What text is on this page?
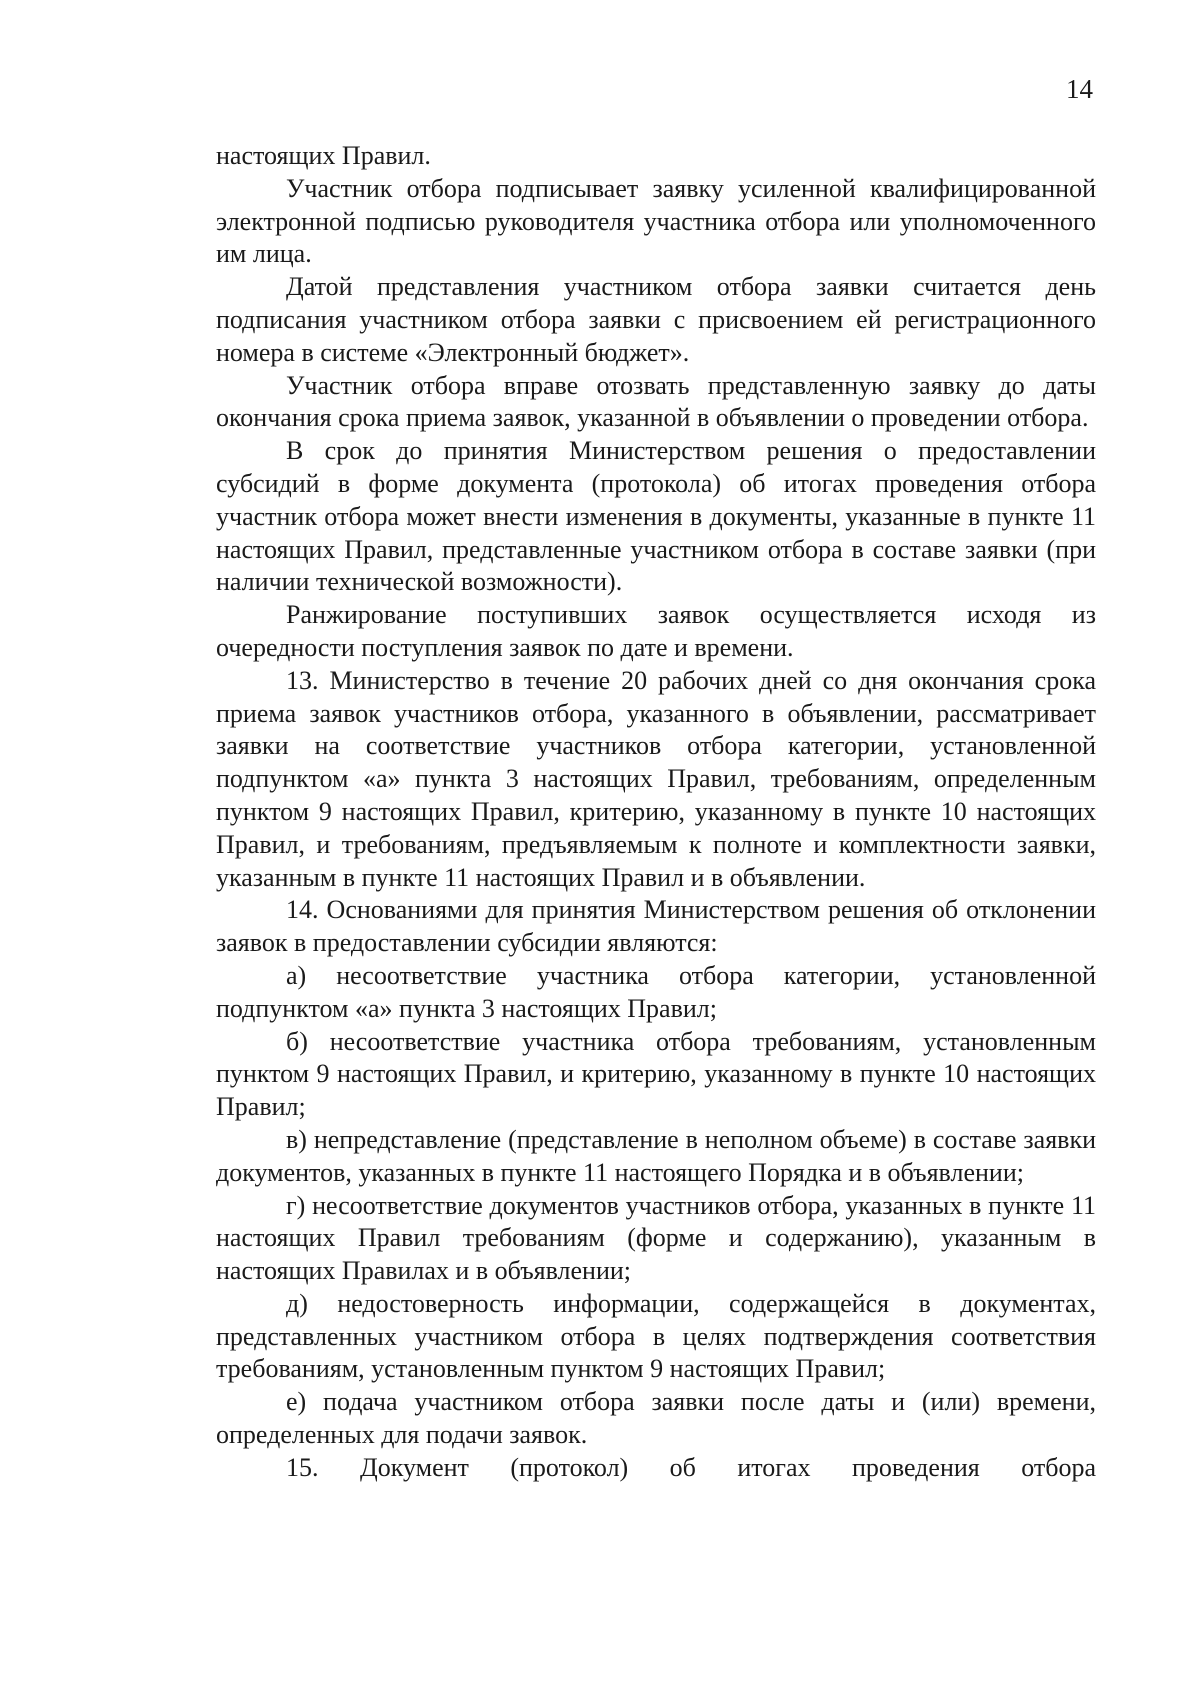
14

настоящих Правил.

Участник отбора подписывает заявку усиленной квалифицированной электронной подписью руководителя участника отбора или уполномоченного им лица.

Датой представления участником отбора заявки считается день подписания участником отбора заявки с присвоением ей регистрационного номера в системе «Электронный бюджет».

Участник отбора вправе отозвать представленную заявку до даты окончания срока приема заявок, указанной в объявлении о проведении отбора.

В срок до принятия Министерством решения о предоставлении субсидий в форме документа (протокола) об итогах проведения отбора участник отбора может внести изменения в документы, указанные в пункте 11 настоящих Правил, представленные участником отбора в составе заявки (при наличии технической возможности).

Ранжирование поступивших заявок осуществляется исходя из очередности поступления заявок по дате и времени.

13. Министерство в течение 20 рабочих дней со дня окончания срока приема заявок участников отбора, указанного в объявлении, рассматривает заявки на соответствие участников отбора категории, установленной подпунктом «а» пункта 3 настоящих Правил, требованиям, определенным пунктом 9 настоящих Правил, критерию, указанному в пункте 10 настоящих Правил, и требованиям, предъявляемым к полноте и комплектности заявки, указанным в пункте 11 настоящих Правил и в объявлении.

14. Основаниями для принятия Министерством решения об отклонении заявок в предоставлении субсидии являются:

а) несоответствие участника отбора категории, установленной подпунктом «а» пункта 3 настоящих Правил;

б) несоответствие участника отбора требованиям, установленным пунктом 9 настоящих Правил, и критерию, указанному в пункте 10 настоящих Правил;

в) непредставление (представление в неполном объеме) в составе заявки документов, указанных в пункте 11 настоящего Порядка и в объявлении;

г) несоответствие документов участников отбора, указанных в пункте 11 настоящих Правил требованиям (форме и содержанию), указанным в настоящих Правилах и в объявлении;

д) недостоверность информации, содержащейся в документах, представленных участником отбора в целях подтверждения соответствия требованиям, установленным пунктом 9 настоящих Правил;

е) подача участником отбора заявки после даты и (или) времени, определенных для подачи заявок.

15. Документ (протокол) об итогах проведения отбора
